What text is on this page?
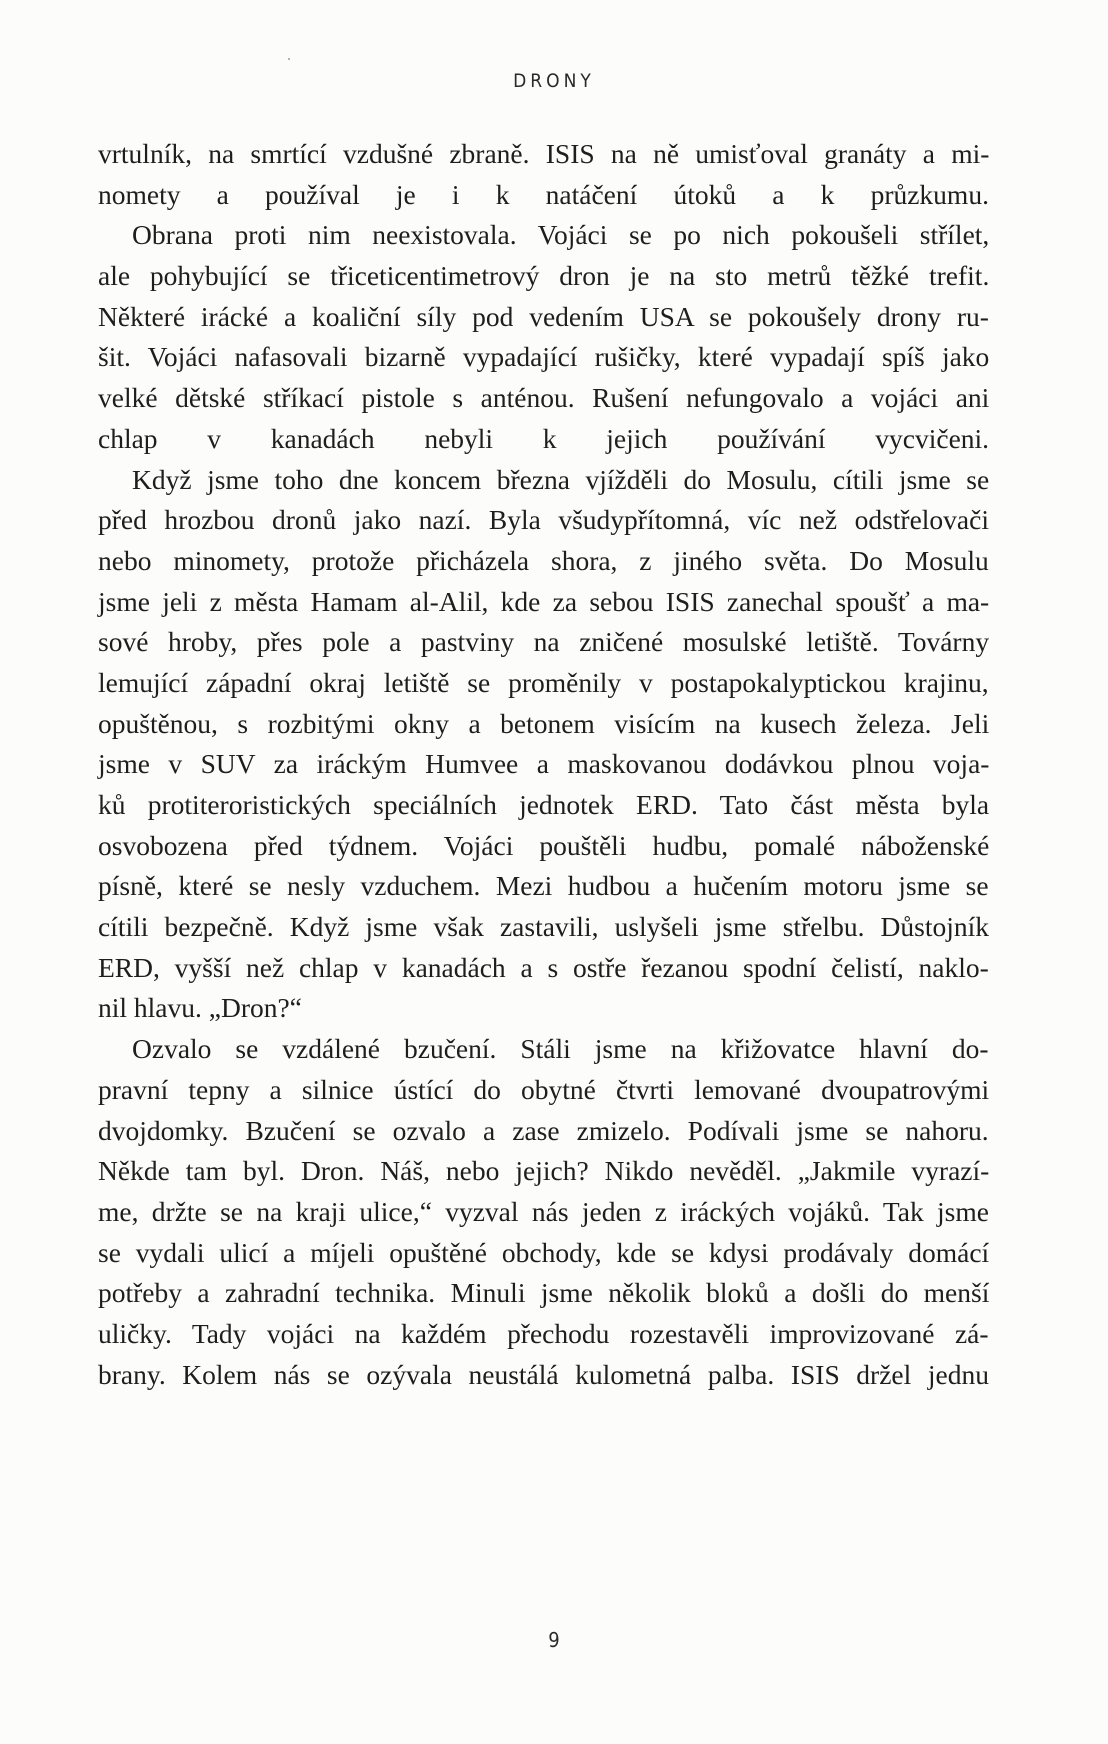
DRONY
vrtulník, na smrtící vzdušné zbraně. ISIS na ně umisťoval granáty a mi-
nomety a používal je i k natáčení útoků a k průzkumu.
Obrana proti nim neexistovala. Vojáci se po nich pokoušeli střílet,
ale pohybující se třiceticentimetrový dron je na sto metrů těžké trefit.
Některé irácké a koaliční síly pod vedením USA se pokoušely drony ru-
šit. Vojáci nafasovali bizarně vypadající rušičky, které vypadají spíš jako
velké dětské stříkací pistole s anténou. Rušení nefungovalo a vojáci ani
chlap v kanadách nebyli k jejich používání vycvičeni.
Když jsme toho dne koncem března vjížděli do Mosulu, cítili jsme se
před hrozbou dronů jako nazí. Byla všudypřítomná, víc než odstřelovači
nebo minomety, protože přicházela shora, z jiného světa. Do Mosulu
jsme jeli z města Hamam al-Alil, kde za sebou ISIS zanechal spoušť a ma-
sové hroby, přes pole a pastviny na zničené mosulské letiště. Továrny
lemující západní okraj letiště se proměnily v postapokalyptickou krajinu,
opuštěnou, s rozbitými okny a betonem visícím na kusech železa. Jeli
jsme v SUV za iráckým Humvee a maskovanou dodávkou plnou voja-
ků protiteroristických speciálních jednotek ERD. Tato část města byla
osvobozena před týdnem. Vojáci pouštěli hudbu, pomalé náboženské
písně, které se nesly vzduchem. Mezi hudbou a hučením motoru jsme se
cítili bezpečně. Když jsme však zastavili, uslyšeli jsme střelbu. Důstojník
ERD, vyšší než chlap v kanadách a s ostře řezanou spodní čelistí, naklo-
nil hlavu. „Dron?“
Ozvalo se vzdálené bzučení. Stáli jsme na křižovatce hlavní do-
pravní tepny a silnice ústící do obytné čtvrti lemované dvoupatrovými
dvojdomky. Bzučení se ozvalo a zase zmizelo. Podívali jsme se nahoru.
Někde tam byl. Dron. Náš, nebo jejich? Nikdo nevěděl. „Jakmile vyrazí-
me, držte se na kraji ulice,“ vyzval nás jeden z iráckých vojáků. Tak jsme
se vydali ulicí a míjeli opuštěné obchody, kde se kdysi prodávaly domácí
potřeby a zahradní technika. Minuli jsme několik bloků a došli do menší
uličky. Tady vojáci na každém přechodu rozestavěli improvizované zá-
brany. Kolem nás se ozývala neustálá kulometná palba. ISIS držel jednu
9
